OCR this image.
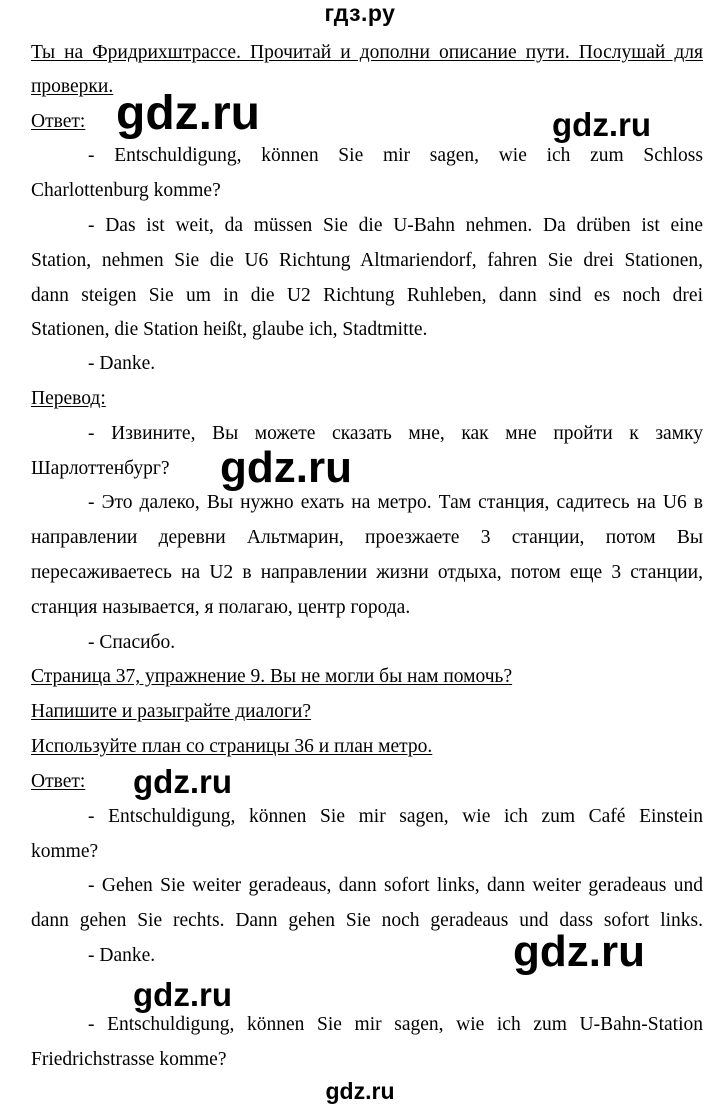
гдз.ру
Ты на Фридрихштрассе. Прочитай и дополни описание пути. Послушай для
проверки.
Ответ:
- Entschuldigung, können Sie mir sagen, wie ich zum Schloss
Charlottenburg komme?
- Das ist weit, da müssen Sie die U-Bahn nehmen. Da drüben ist eine
Station, nehmen Sie die U6 Richtung Altmariendorf, fahren Sie drei Stationen,
dann steigen Sie um in die U2 Richtung Ruhleben, dann sind es noch drei
Stationen, die Station heißt, glaube ich, Stadtmitte.
- Danke.
Перевод:
- Извините, Вы можете сказать мне, как мне пройти к замку
Шарлоттенбург?
- Это далеко, Вы нужно ехать на метро. Там станция, садитесь на U6 в
направлении деревни Альтмарин, проезжаете 3 станции, потом Вы
пересаживаетесь на U2 в направлении жизни отдыха, потом еще 3 станции,
станция называется, я полагаю, центр города.
- Спасибо.
Страница 37, упражнение 9. Вы не могли бы нам помочь?
Напишите и разыграйте диалоги?
Используйте план со страницы 36 и план метро.
Ответ:
- Entschuldigung, können Sie mir sagen, wie ich zum Café Einstein
komme?
- Gehen Sie weiter geradeaus, dann sofort links, dann weiter geradeaus und
dann gehen Sie rechts. Dann gehen Sie noch geradeaus und dass sofort links.
- Danke.
- Entschuldigung, können Sie mir sagen, wie ich zum U-Bahn-Station
Friedrichstrasse komme?
gdz.ru	gdz.ru
gdz.ru
gdz.ru
gdz.ru
gdz.ru
gdz.ru
